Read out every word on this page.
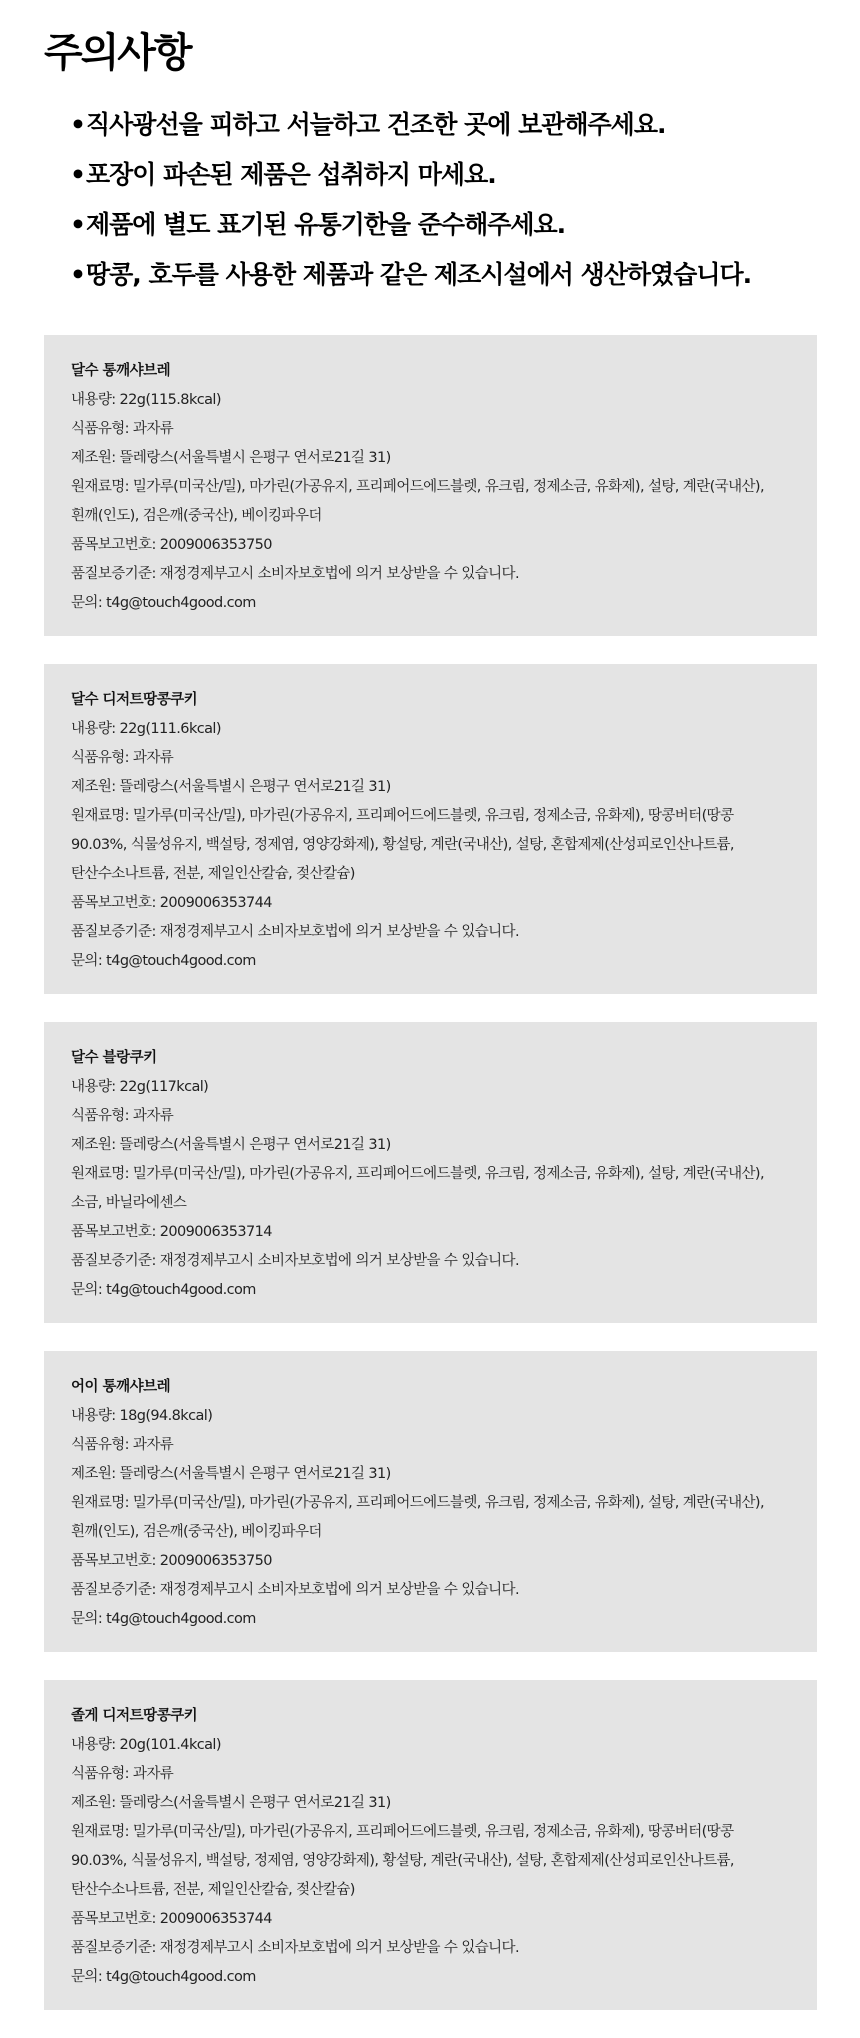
주의사항
• 직사광선을 피하고 서늘하고 건조한 곳에 보관해주세요.
• 포장이 파손된 제품은 섭취하지 마세요.
• 제품에 별도 표기된 유통기한을 준수해주세요.
• 땅콩, 호두를 사용한 제품과 같은 제조시설에서 생산하였습니다.
달수 통깨샤브레
내용량: 22g(115.8kcal)
식품유형: 과자류
제조원: 뜰레랑스(서울특별시 은평구 연서로21길 31)
원재료명: 밀가루(미국산/밀), 마가린(가공유지, 프리페어드에드블렛, 유크림, 정제소금, 유화제), 설탕, 계란(국내산),
흰깨(인도), 검은깨(중국산), 베이킹파우더
품목보고번호: 2009006353750
품질보증기준: 재정경제부고시 소비자보호법에 의거 보상받을 수 있습니다.
문의: t4g@touch4good.com
달수 디저트땅콩쿠키
내용량: 22g(111.6kcal)
식품유형: 과자류
제조원: 뜰레랑스(서울특별시 은평구 연서로21길 31)
원재료명: 밀가루(미국산/밀), 마가린(가공유지, 프리페어드에드블렛, 유크림, 정제소금, 유화제), 땅콩버터(땅콩
90.03%, 식물성유지, 백설탕, 정제염, 영양강화제), 황설탕, 계란(국내산), 설탕, 혼합제제(산성피로인산나트륨,
탄산수소나트륨, 전분, 제일인산칼슘, 젖산칼슘)
품목보고번호: 2009006353744
품질보증기준: 재정경제부고시 소비자보호법에 의거 보상받을 수 있습니다.
문의: t4g@touch4good.com
달수 블랑쿠키
내용량: 22g(117kcal)
식품유형: 과자류
제조원: 뜰레랑스(서울특별시 은평구 연서로21길 31)
원재료명: 밀가루(미국산/밀), 마가린(가공유지, 프리페어드에드블렛, 유크림, 정제소금, 유화제), 설탕, 계란(국내산),
소금, 바닐라에센스
품목보고번호: 2009006353714
품질보증기준: 재정경제부고시 소비자보호법에 의거 보상받을 수 있습니다.
문의: t4g@touch4good.com
어이 통깨샤브레
내용량: 18g(94.8kcal)
식품유형: 과자류
제조원: 뜰레랑스(서울특별시 은평구 연서로21길 31)
원재료명: 밀가루(미국산/밀), 마가린(가공유지, 프리페어드에드블렛, 유크림, 정제소금, 유화제), 설탕, 계란(국내산),
흰깨(인도), 검은깨(중국산), 베이킹파우더
품목보고번호: 2009006353750
품질보증기준: 재정경제부고시 소비자보호법에 의거 보상받을 수 있습니다.
문의: t4g@touch4good.com
졸게 디저트땅콩쿠키
내용량: 20g(101.4kcal)
식품유형: 과자류
제조원: 뜰레랑스(서울특별시 은평구 연서로21길 31)
원재료명: 밀가루(미국산/밀), 마가린(가공유지, 프리페어드에드블렛, 유크림, 정제소금, 유화제), 땅콩버터(땅콩
90.03%, 식물성유지, 백설탕, 정제염, 영양강화제), 황설탕, 계란(국내산), 설탕, 혼합제제(산성피로인산나트륨,
탄산수소나트륨, 전분, 제일인산칼슘, 젖산칼슘)
품목보고번호: 2009006353744
품질보증기준: 재정경제부고시 소비자보호법에 의거 보상받을 수 있습니다.
문의: t4g@touch4good.com
